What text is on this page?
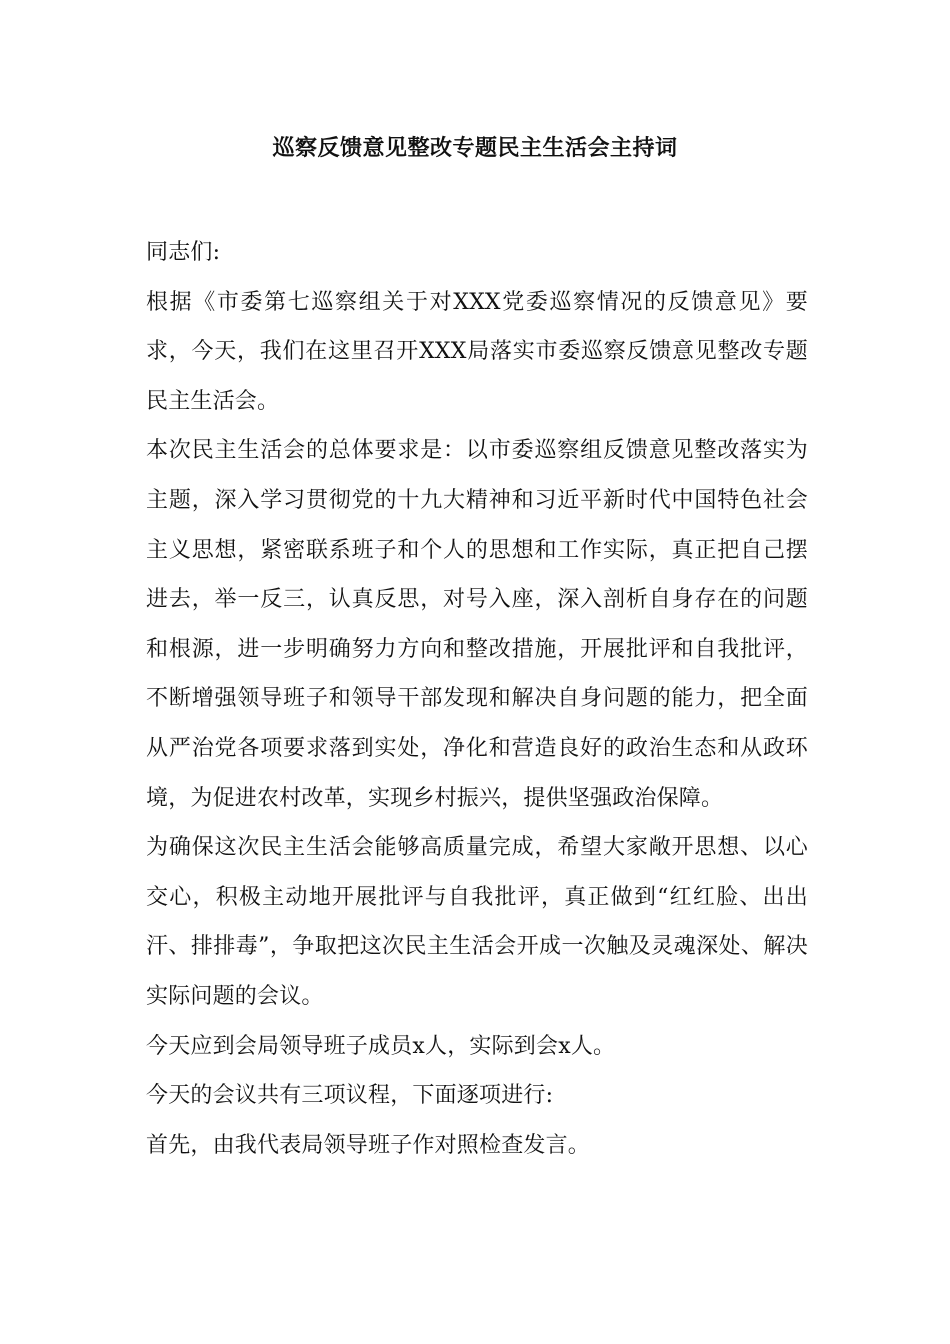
巡察反馈意见整改专题民主生活会主持词

同志们:

根据《市委第七巡察组关于对XXX党委巡察情况的反馈意见》要求，今天，我们在这里召开XXX局落实市委巡察反馈意见整改专题民主生活会。

本次民主生活会的总体要求是：以市委巡察组反馈意见整改落实为主题，深入学习贯彻党的十九大精神和习近平新时代中国特色社会主义思想，紧密联系班子和个人的思想和工作实际，真正把自己摆进去，举一反三，认真反思，对号入座，深入剖析自身存在的问题和根源，进一步明确努力方向和整改措施，开展批评和自我批评，不断增强领导班子和领导干部发现和解决自身问题的能力，把全面从严治党各项要求落到实处，净化和营造良好的政治生态和从政环境，为促进农村改革，实现乡村振兴，提供坚强政治保障。

为确保这次民主生活会能够高质量完成，希望大家敞开思想、以心交心，积极主动地开展批评与自我批评，真正做到“红红脸、出出汗、排排毒”，争取把这次民主生活会开成一次触及灵魂深处、解决实际问题的会议。

今天应到会局领导班子成员x人，实际到会x人。

今天的会议共有三项议程，下面逐项进行:

首先，由我代表局领导班子作对照检查发言。
